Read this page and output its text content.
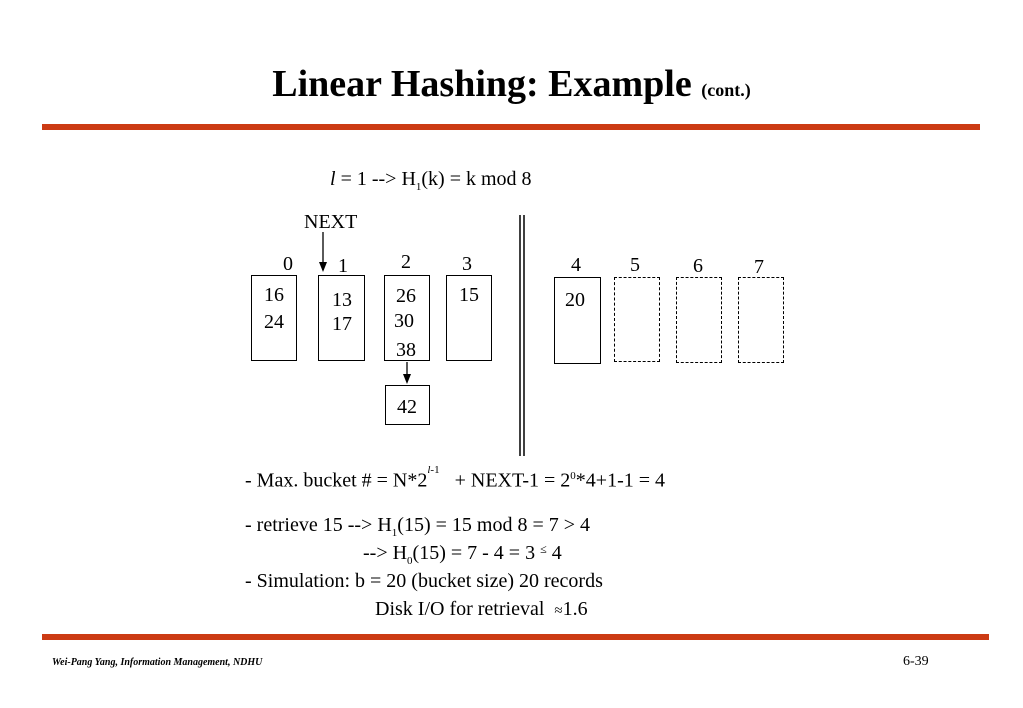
Linear Hashing: Example (cont.)
l = 1 --> $H_1(k) = k$ mod 8
NEXT
0 1	2	3	4 5	6	7
16
24
13
17
26
30
38
42
15	20
- Max. bucket # = $N*2^{l-1}$ + NEXT-1 = $2^0*4+1-1 = 4$
- retrieve 15 --> $H_1(15) = 15$ mod 8 = 7 > 4
--> $H_0(15) = 7 - 4 = 3$ ≤ 4
- Simulation: b = 20 (bucket size) 20 records
Disk I/O for retrieval ≈1.6
Wei-Pang Yang, Information Management, NDHU	6-39
